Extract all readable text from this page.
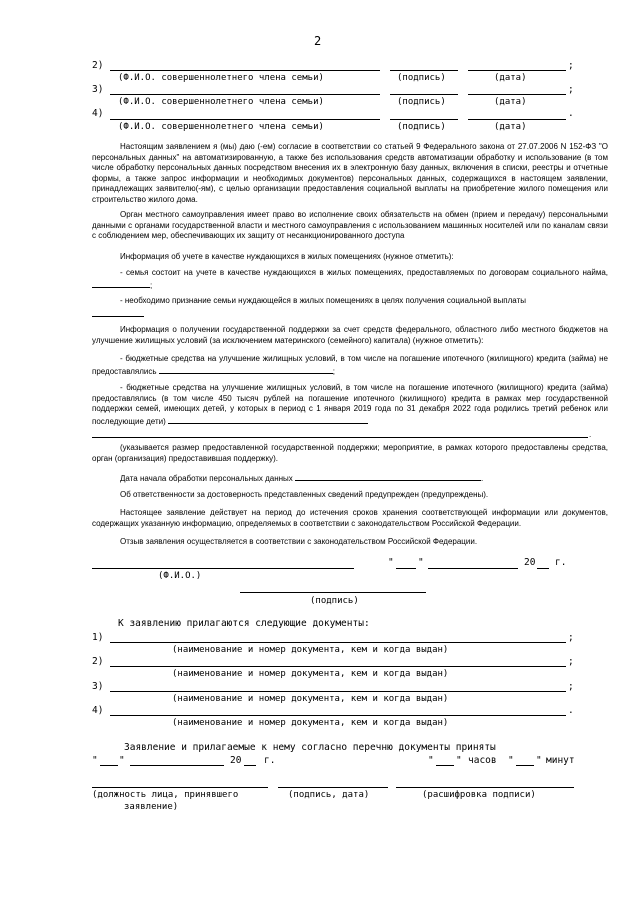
2
2)	;
(Ф.И.О. совершеннолетнего члена семьи)	(подпись)	(дата)
3)	;
(Ф.И.О. совершеннолетнего члена семьи)	(подпись)	(дата)
4)	.
(Ф.И.О. совершеннолетнего члена семьи)	(подпись)	(дата)
Настоящим заявлением я (мы) даю (-ем) согласие в соответствии со статьей 9 Федерального закона от 27.07.2006 N 152-ФЗ "О персональных данных" на автоматизированную, а также без использования средств автоматизации обработку и использование (в том числе обработку персональных данных посредством внесения их в электронную базу данных, включения в списки, реестры и отчетные формы, а также запрос информации и необходимых документов) персональных данных, содержащихся в настоящем заявлении, принадлежащих заявителю(-ям), с целью организации предоставления социальной выплаты на приобретение жилого помещения или строительство жилого дома.
Орган местного самоуправления имеет право во исполнение своих обязательств на обмен (прием и передачу) персональными данными с органами государственной власти и местного самоуправления с использованием машинных носителей или по каналам связи с соблюдением мер, обеспечивающих их защиту от несанкционированного доступа
Информация об учете в качестве нуждающихся в жилых помещениях (нужное отметить):
- семья состоит на учете в качестве нуждающихся в жилых помещениях, предоставляемых по договорам социального найма, ;
- необходимо признание семьи нуждающейся в жилых помещениях в целях получения социальной выплаты
Информация о получении государственной поддержки за счет средств федерального, областного либо местного бюджетов на улучшение жилищных условий (за исключением материнского (семейного) капитала) (нужное отметить):
- бюджетные средства на улучшение жилищных условий, в том числе на погашение ипотечного (жилищного) кредита (займа) не предоставлялись	;
- бюджетные средства на улучшение жилищных условий, в том числе на погашение ипотечного (жилищного) кредита (займа) предоставлялись (в том числе 450 тысяч рублей на погашение ипотечного (жилищного) кредита в рамках мер государственной поддержки семей, имеющих детей, у которых в период с 1 января 2019 года по 31 декабря 2022 года родились третий ребенок или последующие дети)
.
(указывается размер предоставленной государственной поддержки; мероприятие, в рамках которого предоставлены средства, орган (организация) предоставившая поддержку).
Дата начала обработки персональных данных	.
Об ответственности за достоверность представленных сведений предупрежден (предупреждены).
Настоящее заявление действует на период до истечения сроков хранения соответствующей информации или документов, содержащих указанную информацию, определяемых в соответствии с законодательством Российской Федерации.
Отзыв заявления осуществляется в соответствии с законодательством Российской Федерации.
"	"	20 г.
(Ф.И.О.)
(подпись)
К заявлению прилагаются следующие документы:
1)	;
(наименование и номер документа, кем и когда выдан)
2)	;
(наименование и номер документа, кем и когда выдан)
3)	;
(наименование и номер документа, кем и когда выдан)
4)	.
(наименование и номер документа, кем и когда выдан)
Заявление и прилагаемые к нему согласно перечню документы приняты
" "	20 г.	" " часов " " минут
(должность лица, принявшего
заявление)
(подпись, дата)	(расшифровка подписи)
